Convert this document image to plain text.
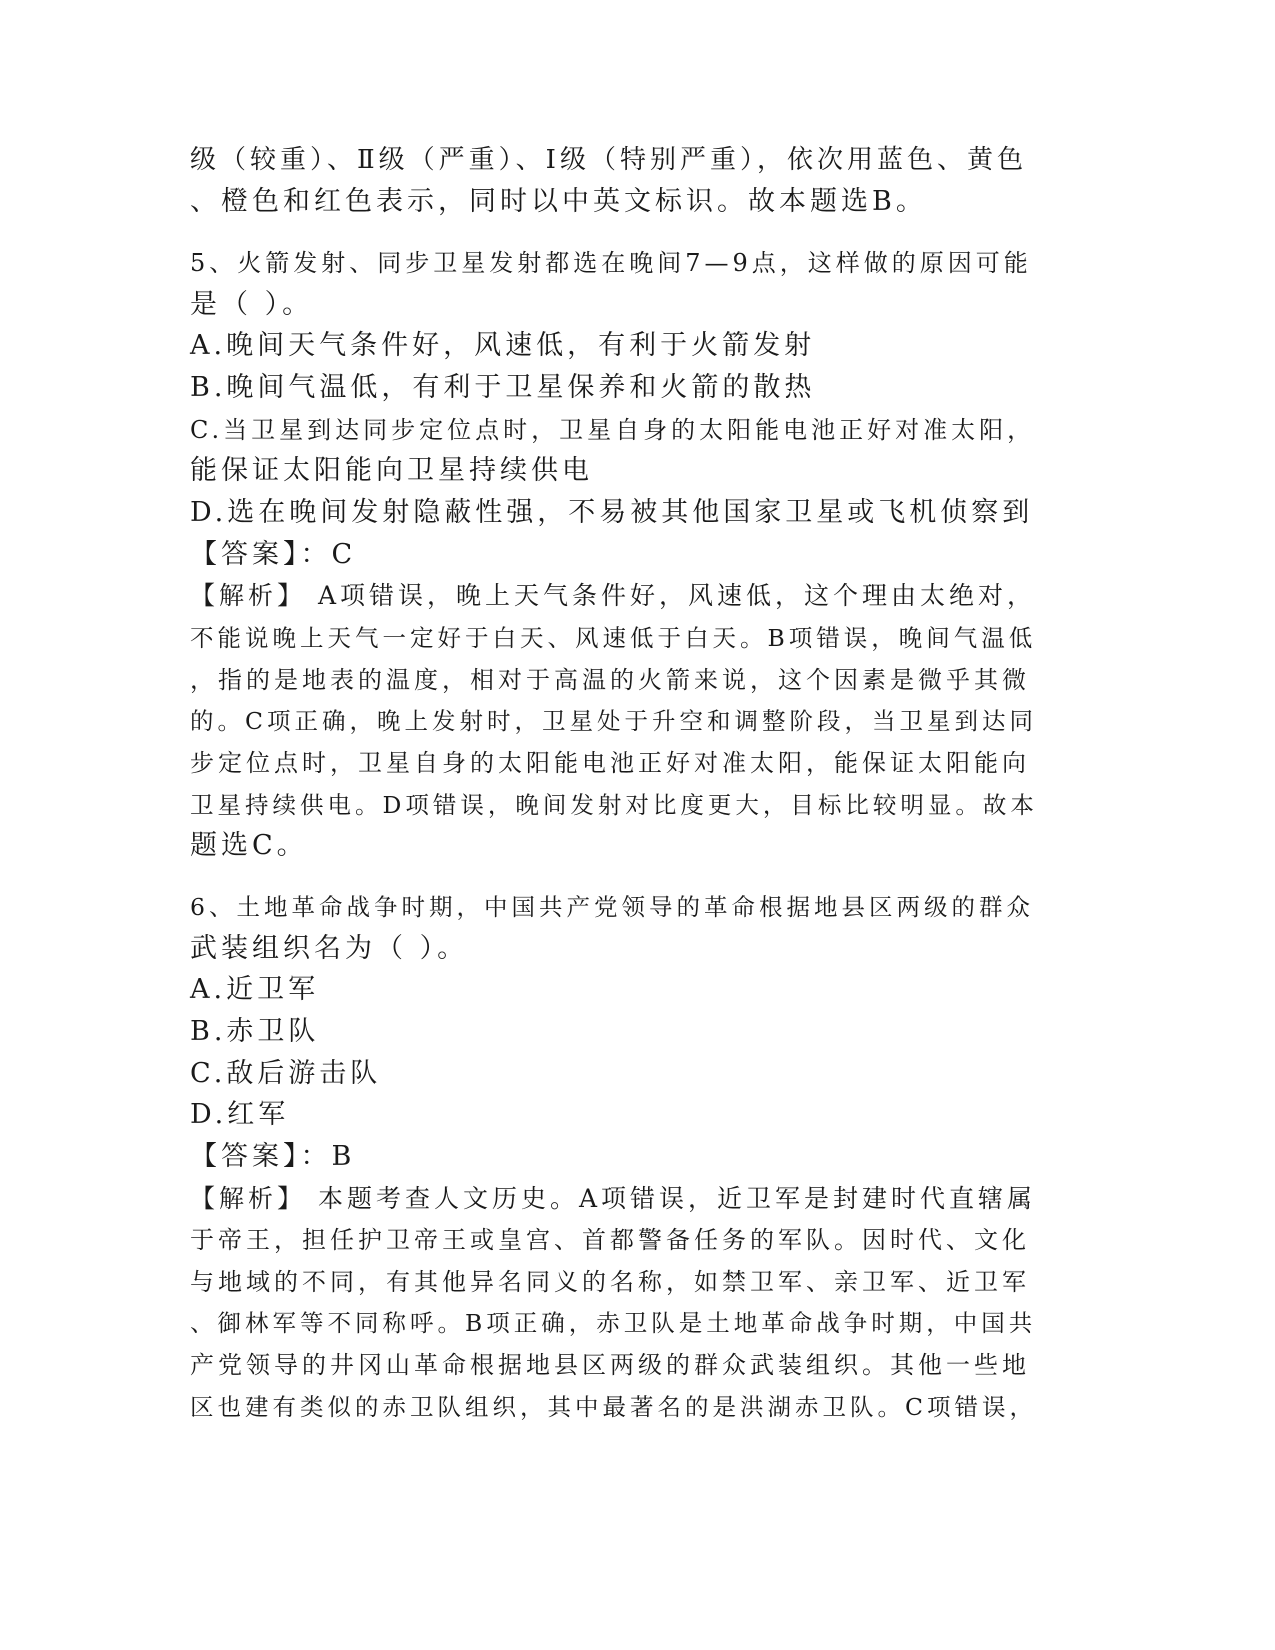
级（较重）、Ⅱ级（严重）、Ⅰ级（特别严重），依次用蓝色、黄色
、橙色和红色表示，同时以中英文标识。故本题选B。
5、火箭发射、同步卫星发射都选在晚间7—9点，这样做的原因可能
是（ ）。
A.晚间天气条件好，风速低，有利于火箭发射
B.晚间气温低，有利于卫星保养和火箭的散热
C.当卫星到达同步定位点时，卫星自身的太阳能电池正好对准太阳，
能保证太阳能向卫星持续供电
D.选在晚间发射隐蔽性强，不易被其他国家卫星或飞机侦察到
【答案】：C
【解析】 A项错误，晚上天气条件好，风速低，这个理由太绝对，
不能说晚上天气一定好于白天、风速低于白天。B项错误，晚间气温低
，指的是地表的温度，相对于高温的火箭来说，这个因素是微乎其微
的。C项正确，晚上发射时，卫星处于升空和调整阶段，当卫星到达同
步定位点时，卫星自身的太阳能电池正好对准太阳，能保证太阳能向
卫星持续供电。D项错误，晚间发射对比度更大，目标比较明显。故本
题选C。
6、土地革命战争时期，中国共产党领导的革命根据地县区两级的群众
武装组织名为（ ）。
A.近卫军
B.赤卫队
C.敌后游击队
D.红军
【答案】：B
【解析】 本题考查人文历史。A项错误，近卫军是封建时代直辖属
于帝王，担任护卫帝王或皇宫、首都警备任务的军队。因时代、文化
与地域的不同，有其他异名同义的名称，如禁卫军、亲卫军、近卫军
、御林军等不同称呼。B项正确，赤卫队是土地革命战争时期，中国共
产党领导的井冈山革命根据地县区两级的群众武装组织。其他一些地
区也建有类似的赤卫队组织，其中最著名的是洪湖赤卫队。C项错误，
